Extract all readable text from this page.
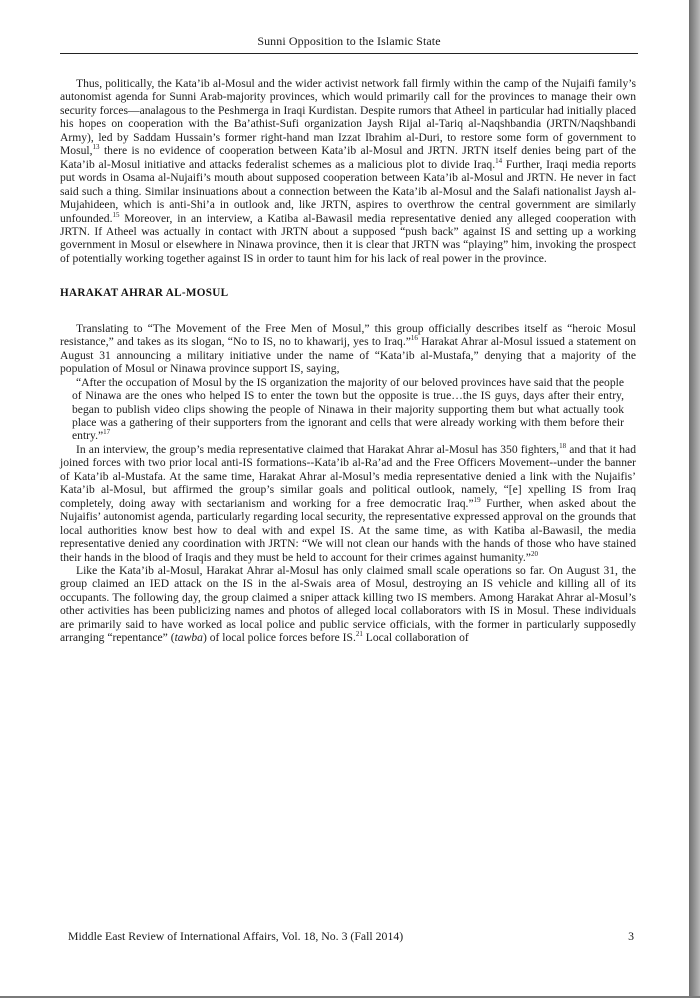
Sunni Opposition to the Islamic State

Thus, politically, the Kata’ib al-Mosul and the wider activist network fall firmly within the camp of the Nujaifi family’s autonomist agenda for Sunni Arab-majority provinces, which would primarily call for the provinces to manage their own security forces—analagous to the Peshmerga in Iraqi Kurdistan. Despite rumors that Atheel in particular had initially placed his hopes on cooperation with the Ba’athist-Sufi organization Jaysh Rijal al-Tariq al-Naqshbandia (JRTN/Naqshbandi Army), led by Saddam Hussain’s former right-hand man Izzat Ibrahim al-Duri, to restore some form of government to Mosul,$^{13}$ there is no evidence of cooperation between Kata’ib al-Mosul and JRTN. JRTN itself denies being part of the Kata’ib al-Mosul initiative and attacks federalist schemes as a malicious plot to divide Iraq.$^{14}$ Further, Iraqi media reports put words in Osama al-Nujaifi’s mouth about supposed cooperation between Kata’ib al-Mosul and JRTN. He never in fact said such a thing. Similar insinuations about a connection between the Kata’ib al-Mosul and the Salafi nationalist Jaysh al-Mujahideen, which is anti-Shi’a in outlook and, like JRTN, aspires to overthrow the central government are similarly unfounded.$^{15}$ Moreover, in an interview, a Katiba al-Bawasil media representative denied any alleged cooperation with JRTN. If Atheel was actually in contact with JRTN about a supposed “push back” against IS and setting up a working government in Mosul or elsewhere in Ninawa province, then it is clear that JRTN was “playing” him, invoking the prospect of potentially working together against IS in order to taunt him for his lack of real power in the province.

HARAKAT AHRAR AL-MOSUL

Translating to “The Movement of the Free Men of Mosul,” this group officially describes itself as “heroic Mosul resistance,” and takes as its slogan, “No to IS, no to khawarij, yes to Iraq.”$^{16}$ Harakat Ahrar al-Mosul issued a statement on August 31 announcing a military initiative under the name of “Kata’ib al-Mustafa,” denying that a majority of the population of Mosul or Ninawa province support IS, saying,

“After the occupation of Mosul by the IS organization the majority of our beloved provinces have said that the people of Ninawa are the ones who helped IS to enter the town but the opposite is true…the IS guys, days after their entry, began to publish video clips showing the people of Ninawa in their majority supporting them but what actually took place was a gathering of their supporters from the ignorant and cells that were already working with them before their entry.”$^{17}$

In an interview, the group’s media representative claimed that Harakat Ahrar al-Mosul has 350 fighters,$^{18}$ and that it had joined forces with two prior local anti-IS formations--Kata’ib al-Ra’ad and the Free Officers Movement--under the banner of Kata’ib al-Mustafa. At the same time, Harakat Ahrar al-Mosul’s media representative denied a link with the Nujaifis’ Kata’ib al-Mosul, but affirmed the group’s similar goals and political outlook, namely, “[e] xpelling IS from Iraq completely, doing away with sectarianism and working for a free democratic Iraq.”$^{19}$ Further, when asked about the Nujaifis’ autonomist agenda, particularly regarding local security, the representative expressed approval on the grounds that local authorities know best how to deal with and expel IS. At the same time, as with Katiba al-Bawasil, the media representative denied any coordination with JRTN: “We will not clean our hands with the hands of those who have stained their hands in the blood of Iraqis and they must be held to account for their crimes against humanity.”$^{20}$

Like the Kata’ib al-Mosul, Harakat Ahrar al-Mosul has only claimed small scale operations so far. On August 31, the group claimed an IED attack on the IS in the al-Swais area of Mosul, destroying an IS vehicle and killing all of its occupants. The following day, the group claimed a sniper attack killing two IS members. Among Harakat Ahrar al-Mosul’s other activities has been publicizing names and photos of alleged local collaborators with IS in Mosul. These individuals are primarily said to have worked as local police and public service officials, with the former in particularly supposedly arranging “repentance” (tawba) of local police forces before IS.$^{21}$ Local collaboration of

Middle East Review of International Affairs, Vol. 18, No. 3 (Fall 2014)	3
